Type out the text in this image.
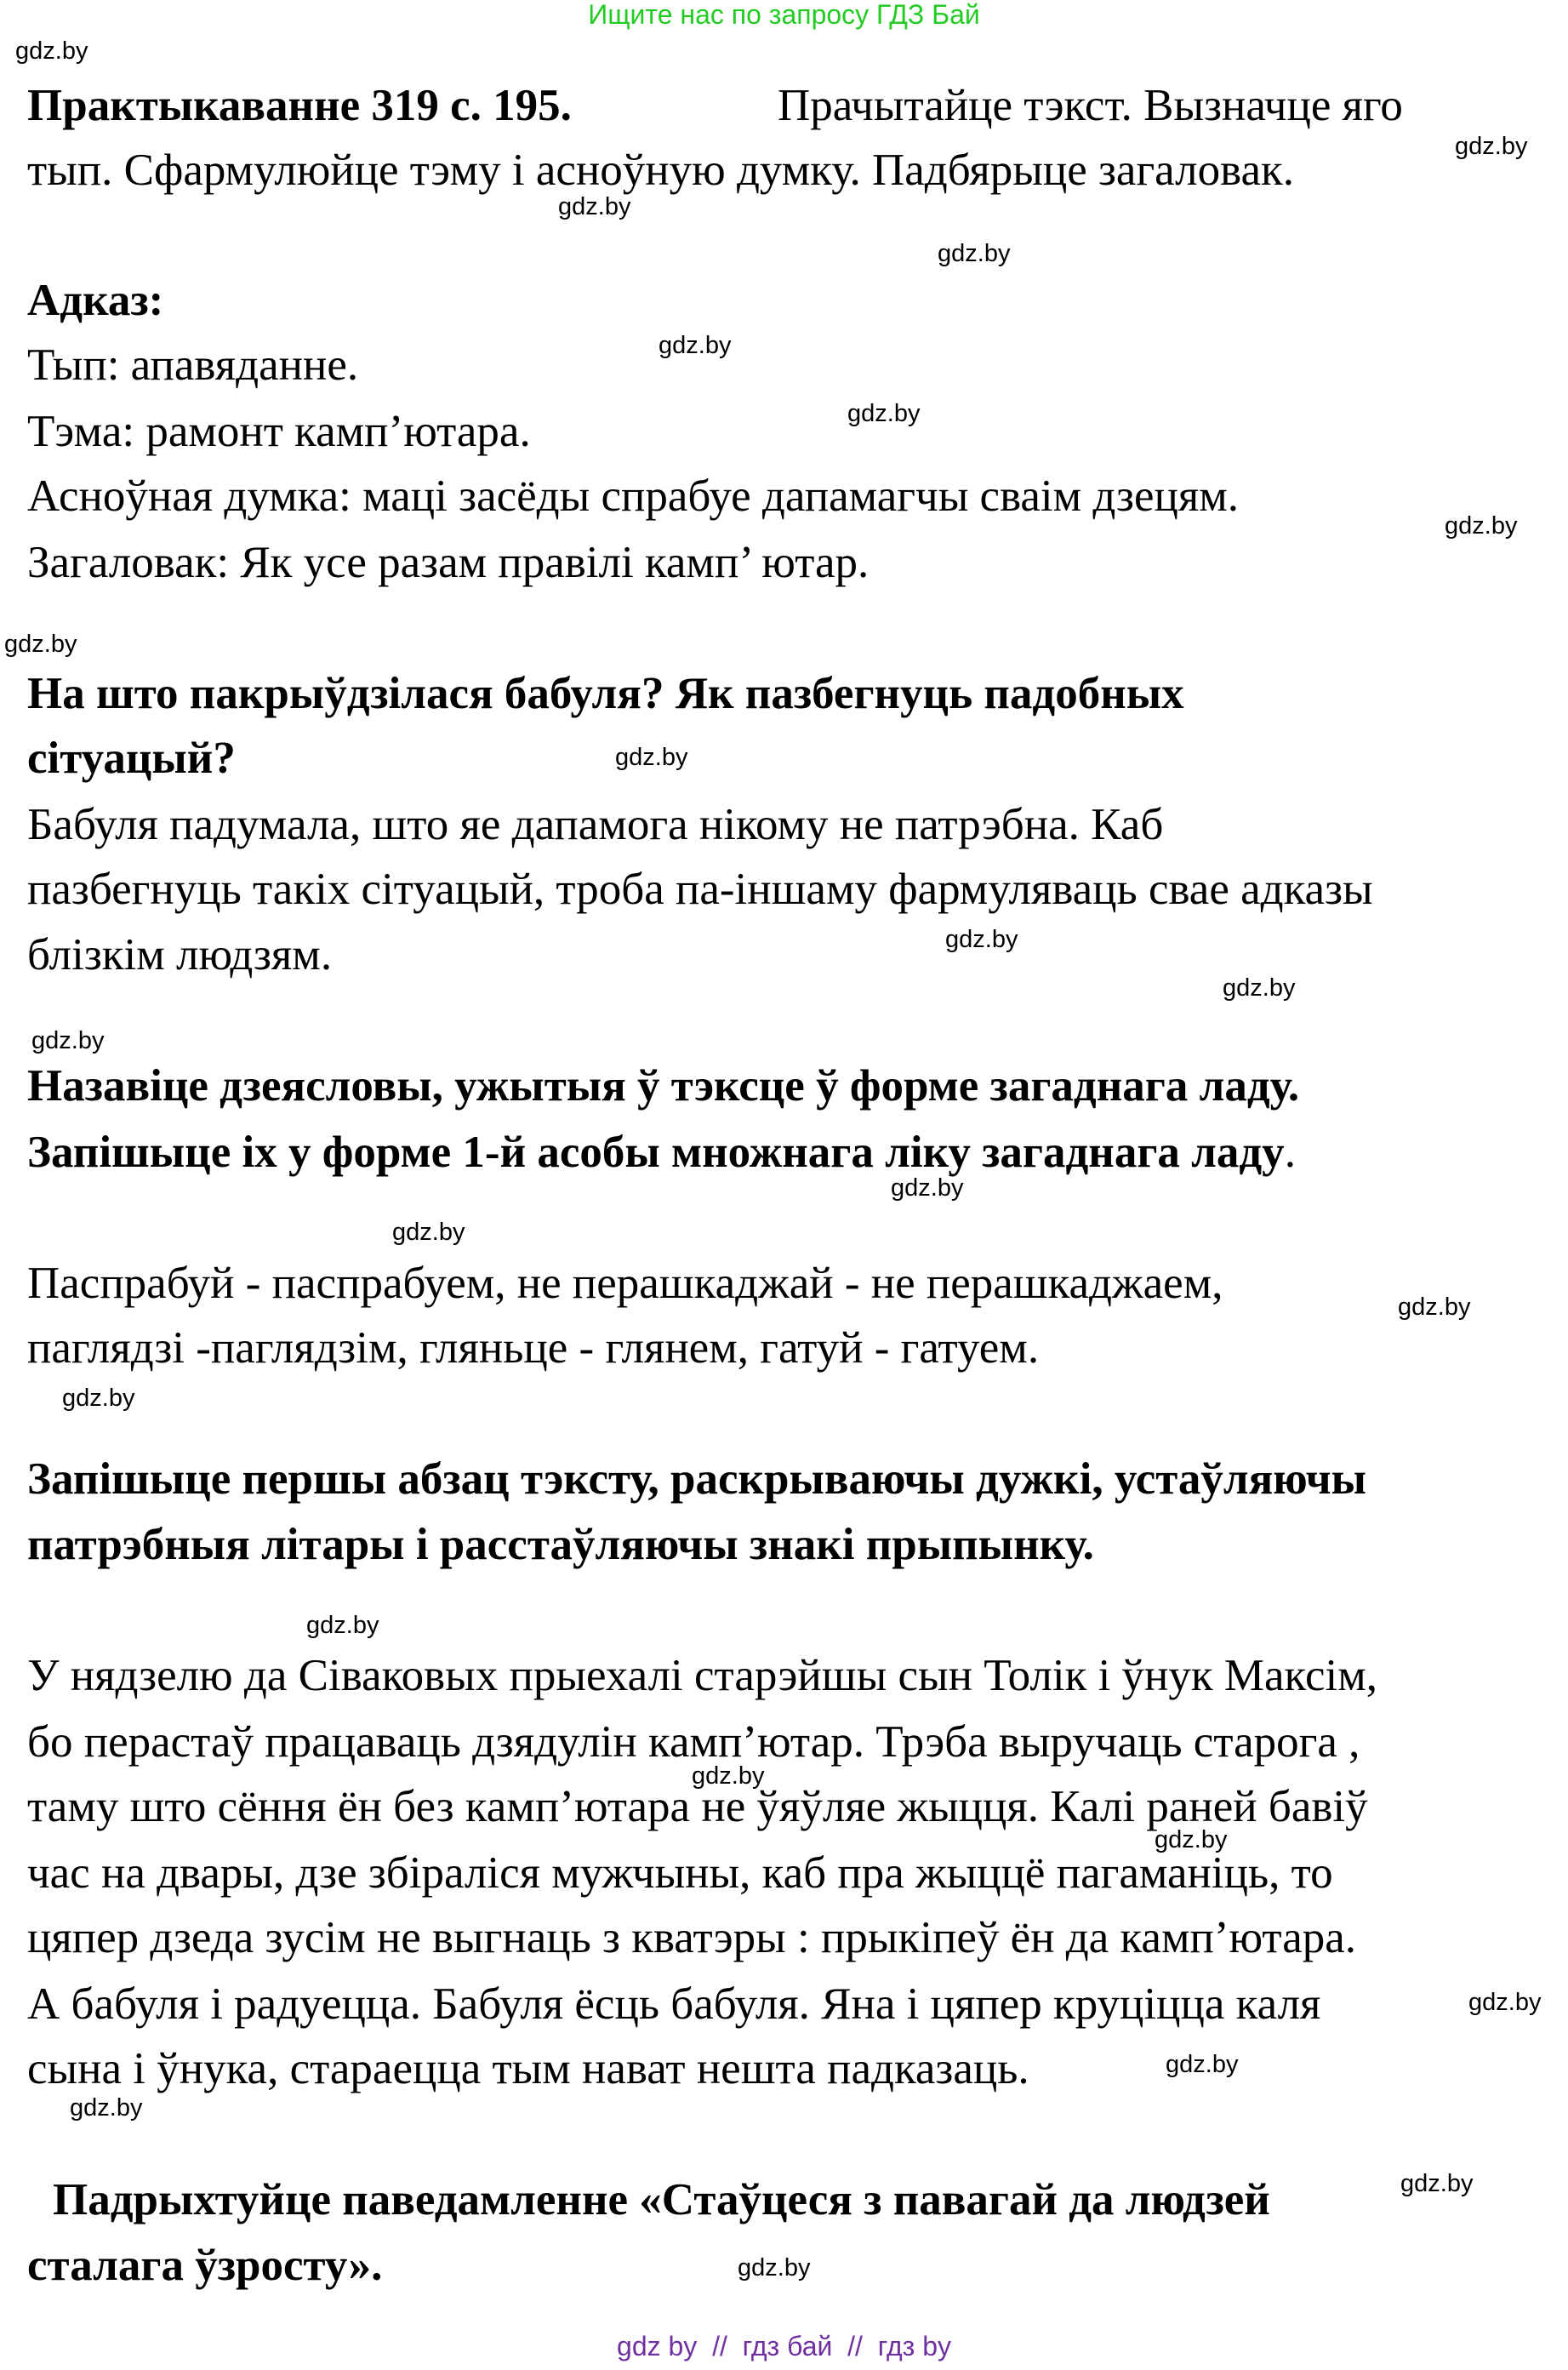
Ищите нас по запросу ГДЗ Бай
Практыкаванне 319 с. 195.	Прачытайце тэкст. Вызначце яго
тып. Сфармулюйце тэму і асноўную думку. Падбярыце загаловак.
Адказ:
Тып: апавяданне.
Тэма: рамонт камп’ютара.
Асноўная думка: маці засёды спрабуе дапамагчы сваім дзецям.
Загаловак: Як усе разам правілі камп’ ютар.
На што пакрыўдзілася бабуля? Як пазбегнуць падобных
сітуацый?
Бабуля падумала, што яе дапамога нікому не патрэбна. Каб
пазбегнуць такіх сітуацый, троба па-іншаму фармуляваць свае адказы
блізкім людзям.
Назавіце дзеясловы, ужытыя ў тэксце ў форме загаднага ладу.
Запішыце іх у форме 1-й асобы множнага ліку загаднага ладу.
Паспрабуй - паспрабуем, не перашкаджай - не перашкаджаем,
паглядзі -паглядзім, гляньце - глянем, гатуй - гатуем.
Запішыце першы абзац тэксту, раскрываючы дужкі, устаўляючы
патрэбныя літары і расстаўляючы знакі прыпынку.
У нядзелю да Сіваковых прыехалі старэйшы сын Толік і ўнук Максім,
бо перастаў працаваць дзядулін камп’ютар. Трэба выручаць старога ,
таму што сёння ён без камп’ютара не ўяўляе жыцця. Калі раней бавіў
час на двары, дзе збіраліся мужчыны, каб пра жыццё пагаманіць, то
цяпер дзеда зусім не выгнаць з кватэры : прыкіпеў ён да камп’ютара.
А бабуля і радуецца. Бабуля ёсць бабуля. Яна і цяпер круціцца каля
сына і ўнука, стараецца тым нават нешта падказаць.
Падрыхтуйце паведамленне «Стаўцеся з павагай да людзей
сталага ўзросту».
gdz.by
gdz.by
gdz.by
gdz.by
gdz.by
gdz.by
gdz.by
gdz.by
gdz.by
gdz.by
gdz.by
gdz.by
gdz.by
gdz.by
gdz.by
gdz.by
gdz.by
gdz.by
gdz.by
gdz.by
gdz.by
gdz.by
gdz.by
gdz.by
gdz by  //  гдз бай  //  гдз by
